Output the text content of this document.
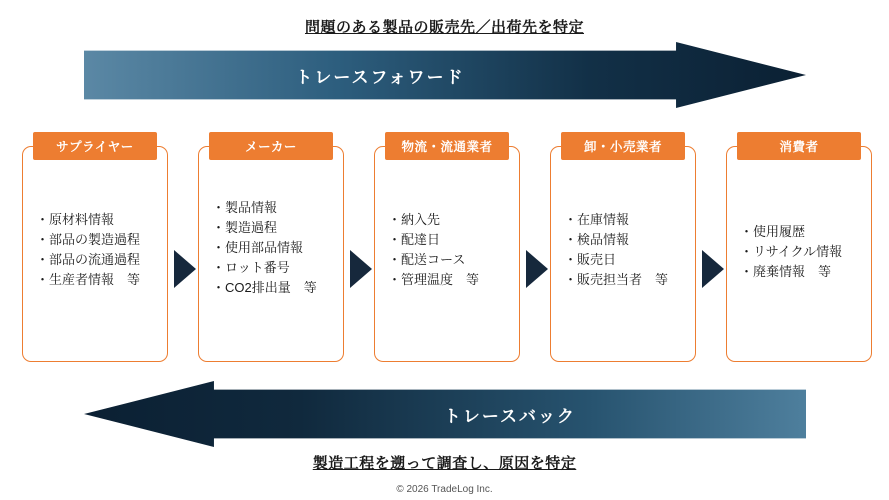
問題のある製品の販売先／出荷先を特定
トレースフォワード
サプライヤー
・原材料情報
・部品の製造過程
・部品の流通過程
・生産者情報　等
メーカー
・製品情報
・製造過程
・使用部品情報
・ロット番号
・CO2排出量　等
物流・流通業者
・納入先
・配達日
・配送コース
・管理温度　等
卸・小売業者
・在庫情報
・検品情報
・販売日
・販売担当者　等
消費者
・使用履歴
・リサイクル情報
・廃棄情報　等
トレースバック
製造工程を遡って調査し、原因を特定
© 2026 TradeLog Inc.
